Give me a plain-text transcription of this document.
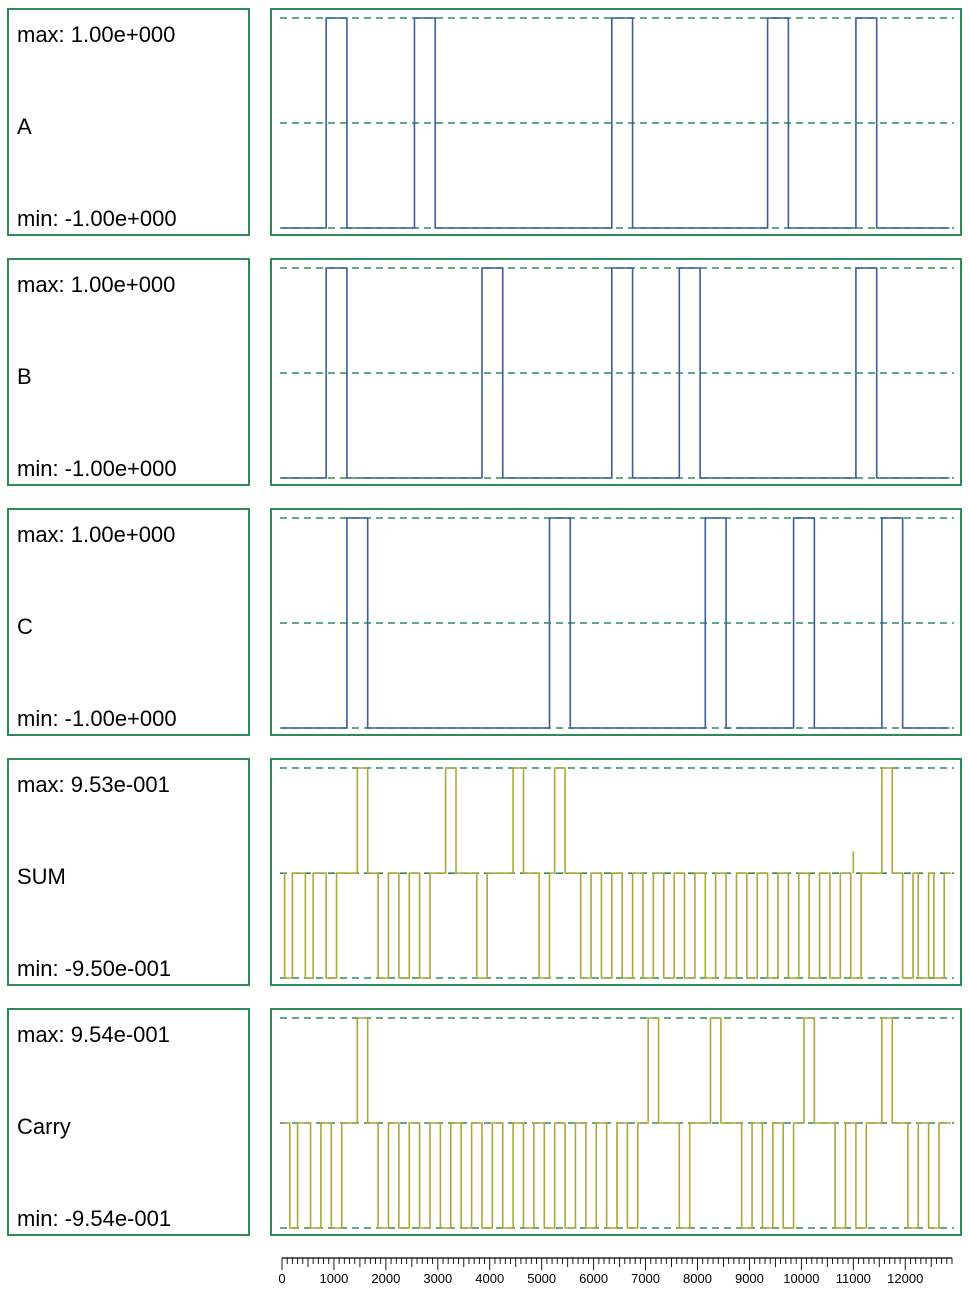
max: 1.00e+000
A
min: -1.00e+000
max: 1.00e+000
B
min: -1.00e+000
max: 1.00e+000
C
min: -1.00e+000
max: 9.53e-001
SUM
min: -9.50e-001
max: 9.54e-001
Carry
min: -9.54e-001
0	1000 2000 3000 4000 5000 6000 7000 8000 9000 10000 11000 12000
